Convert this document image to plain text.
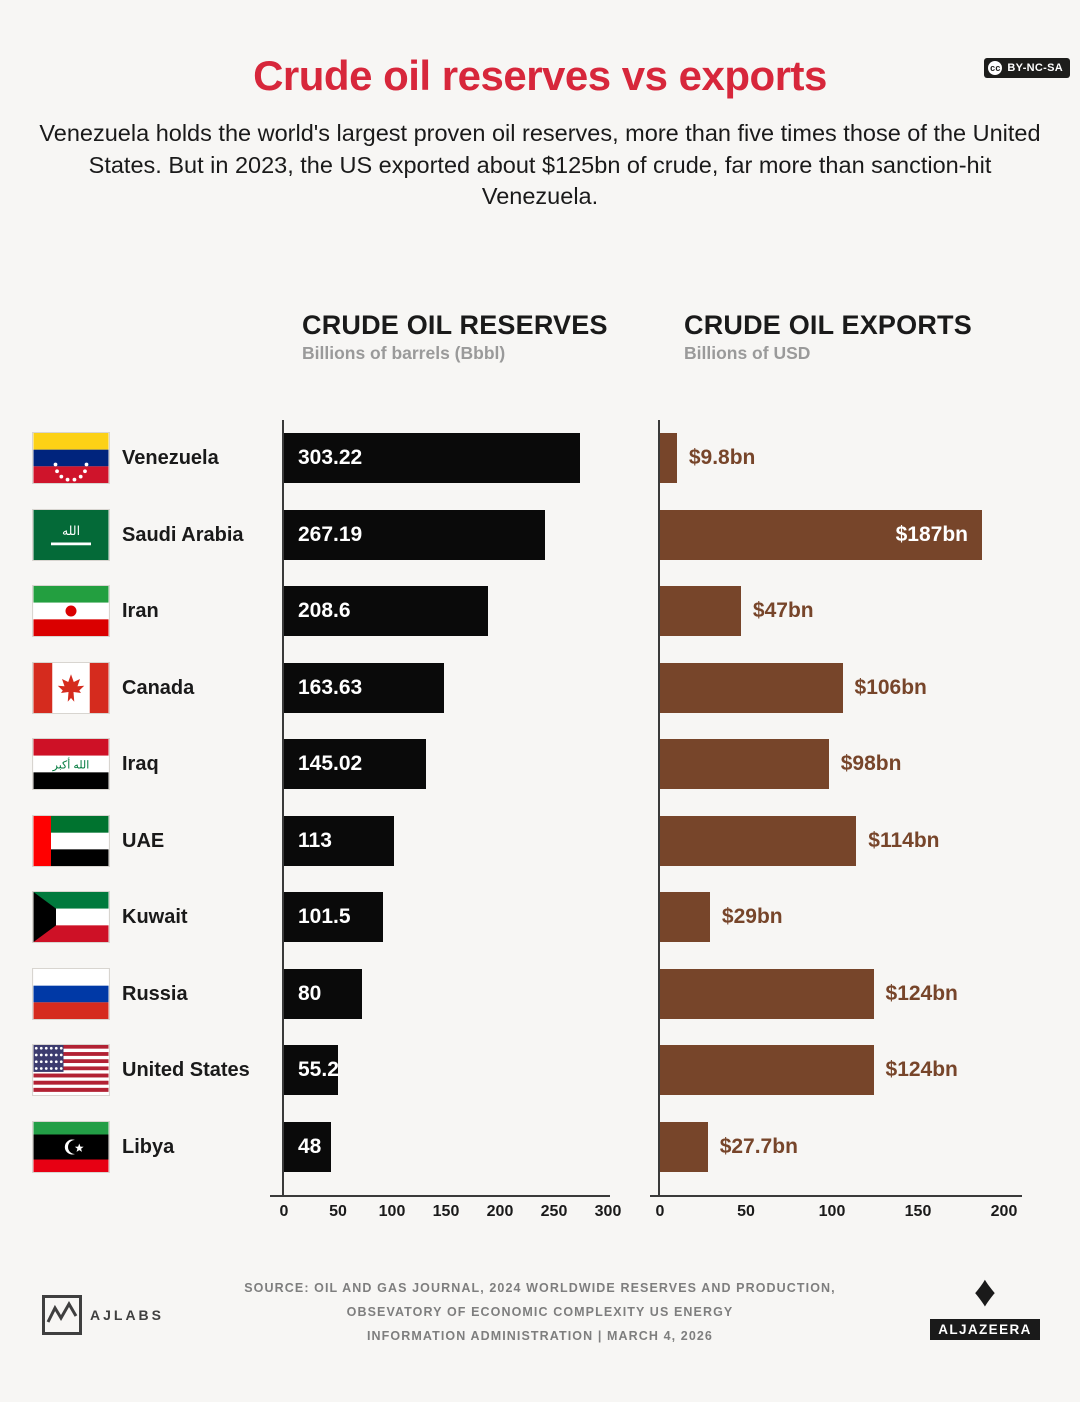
cc BY-NC-SA
Crude oil reserves vs exports

Venezuela holds the world's largest proven oil reserves, more than five times those of the United States. But in 2023, the US exported about $125bn of crude, far more than sanction-hit Venezuela.

CRUDE OIL RESERVES
Billions of barrels (Bbbl)
CRUDE OIL EXPORTS
Billions of USD
Venezuela	303.22	$9.8bn
الله Saudi Arabia	267.19	$187bn
Iran	208.6	$47bn
Canada	163.63	$106bn
الله أكبر Iraq	145.02	$98bn
UAE	113	$114bn
Kuwait	101.5	$29bn
Russia	80	$124bn
United States 55.2	$124bn
Libya	48	$27.7bn
0	50 100 150 200 250 300 0	50	100	150	200
AJLABS
SOURCE: OIL AND GAS JOURNAL, 2024 WORLDWIDE RESERVES AND PRODUCTION,
OBSEVATORY OF ECONOMIC COMPLEXITY US ENERGY
INFORMATION ADMINISTRATION | MARCH 4, 2026
♦
ALJAZEERA
